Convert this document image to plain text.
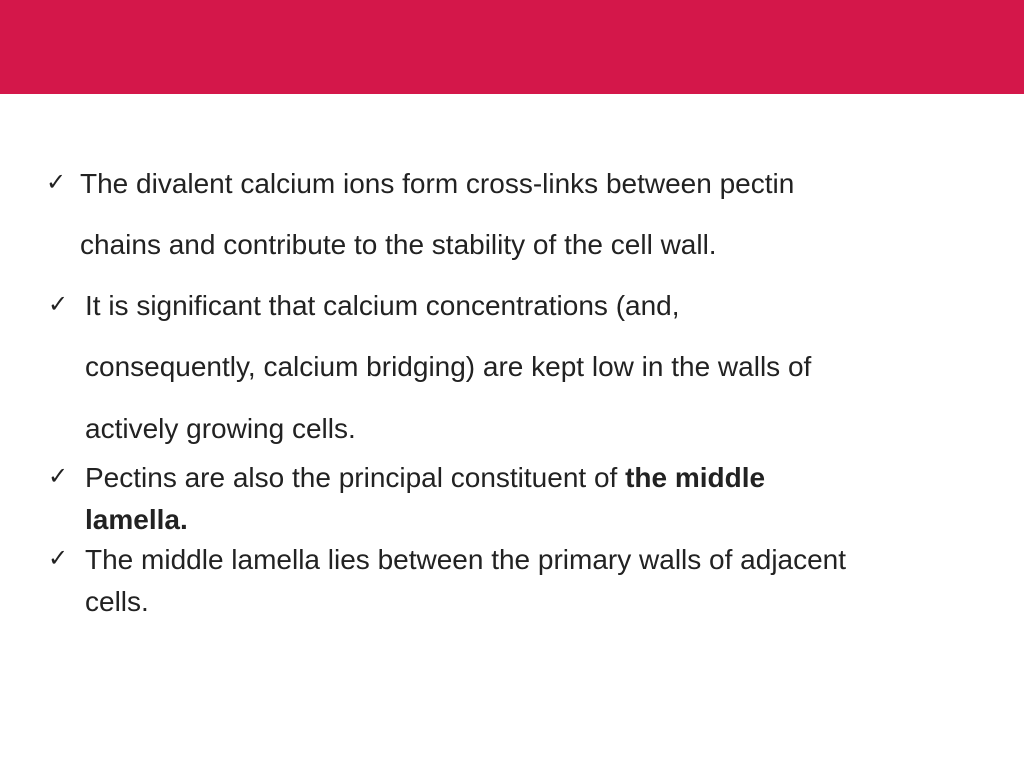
✓ The divalent calcium ions form cross-links between pectin
chains and contribute to the stability of the cell wall.
✓ It is significant that calcium concentrations (and,
consequently, calcium bridging) are kept low in the walls of
actively growing cells.
✓ Pectins are also the principal constituent of the middle
lamella.
✓ The middle lamella lies between the primary walls of adjacent
cells.
